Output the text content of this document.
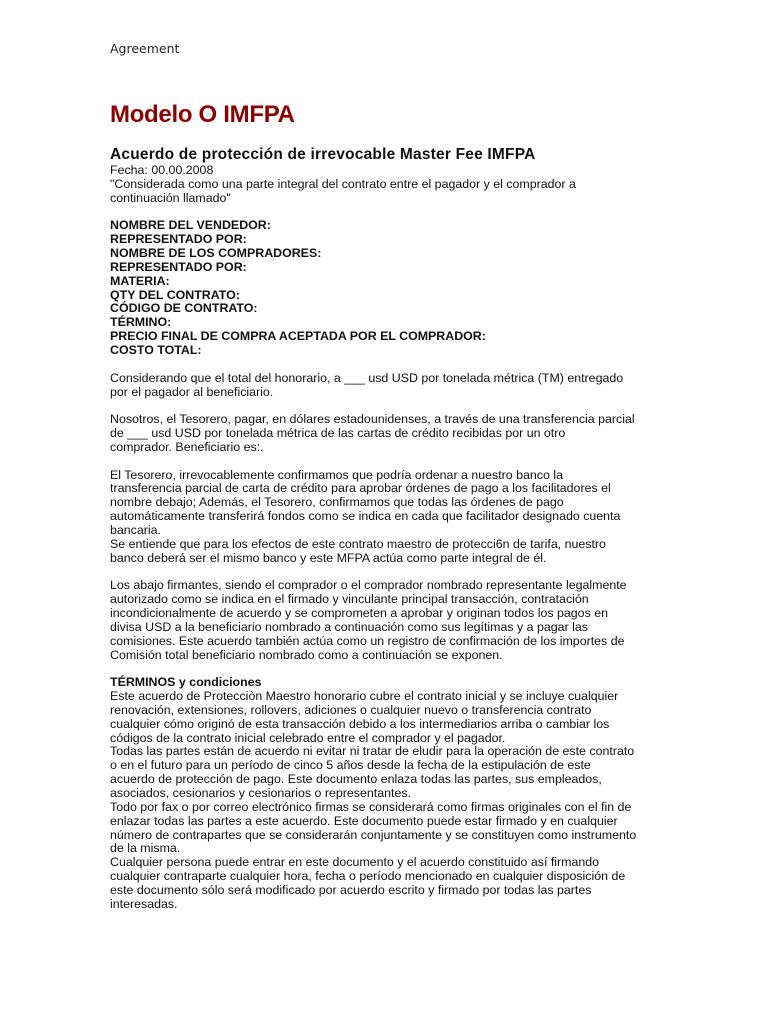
Agreement
Modelo O IMFPA
Acuerdo de protección de irrevocable Master Fee IMFPA
Fecha: 00.00.2008
"Considerada como una parte integral del contrato entre el pagador y el comprador a
continuación llamado"
NOMBRE DEL VENDEDOR:
REPRESENTADO POR:
NOMBRE DE LOS COMPRADORES:
REPRESENTADO POR:
MATERIA:
QTY DEL CONTRATO:
CÓDIGO DE CONTRATO:
TÉRMINO:
PRECIO FINAL DE COMPRA ACEPTADA POR EL COMPRADOR:
COSTO TOTAL:
Considerando que el total del honorario, a ___ usd USD por tonelada métrica (TM) entregado
por el pagador al beneficiario.
Nosotros, el Tesorero, pagar, en dólares estadounidenses, a través de una transferencia parcial
de ___ usd USD por tonelada métrica de las cartas de crédito recibidas por un otro
comprador. Beneficiario es:.
El Tesorero, irrevocablemente confirmamos que podría ordenar a nuestro banco la
transferencia parcial de carta de crédito para aprobar órdenes de pago a los facilitadores el
nombre debajo; Además, el Tesorero, confirmamos que todas las órdenes de pago
automáticamente transferirá fondos como se indica en cada que facilitador designado cuenta
bancaria.
Se entiende que para los efectos de este contrato maestro de protecci6n de tarifa, nuestro
banco deberá ser el mismo banco y este MFPA actúa como parte integral de él.
Los abajo firmantes, siendo el comprador o el comprador nombrado representante legalmente
autorizado como se indica en el firmado y vinculante principal transacción, contratación
incondicionalmente de acuerdo y se comprometen a aprobar y originan todos los pagos en
divisa USD a la beneficiario nombrado a continuación como sus legítimas y a pagar las
comisiones. Este acuerdo también actúa como un registro de confirmación de los importes de
Comisión total beneficiario nombrado como a continuación se exponen.
TÉRMINOS y condiciones
Este acuerdo de Protecciòn Maestro honorario cubre el contrato inicial y se incluye cualquier
renovación, extensiones, rollovers, adiciones o cualquier nuevo o transferencia contrato
cualquier cómo originó de esta transacción debido a los intermediarios arriba o cambiar los
códigos de la contrato inicial celebrado entre el comprador y el pagador.
Todas las partes están de acuerdo ni evitar ni tratar de eludir para la operación de este contrato
o en el futuro para un período de cinco 5 años desde la fecha de la estipulación de este
acuerdo de protección de pago. Este documento enlaza todas las partes, sus empleados,
asociados, cesionarios y cesionarios o representantes.
Todo por fax o por correo electrónico firmas se considerará como firmas originales con el fin de
enlazar todas las partes a este acuerdo. Este documento puede estar firmado y en cualquier
número de contrapartes que se considerarán conjuntamente y se constituyen como instrumento
de la misma.
Cualquier persona puede entrar en este documento y el acuerdo constituido así firmando
cualquier contraparte cualquier hora, fecha o período mencionado en cualquier disposición de
este documento sólo será modificado por acuerdo escrito y firmado por todas las partes
interesadas.
